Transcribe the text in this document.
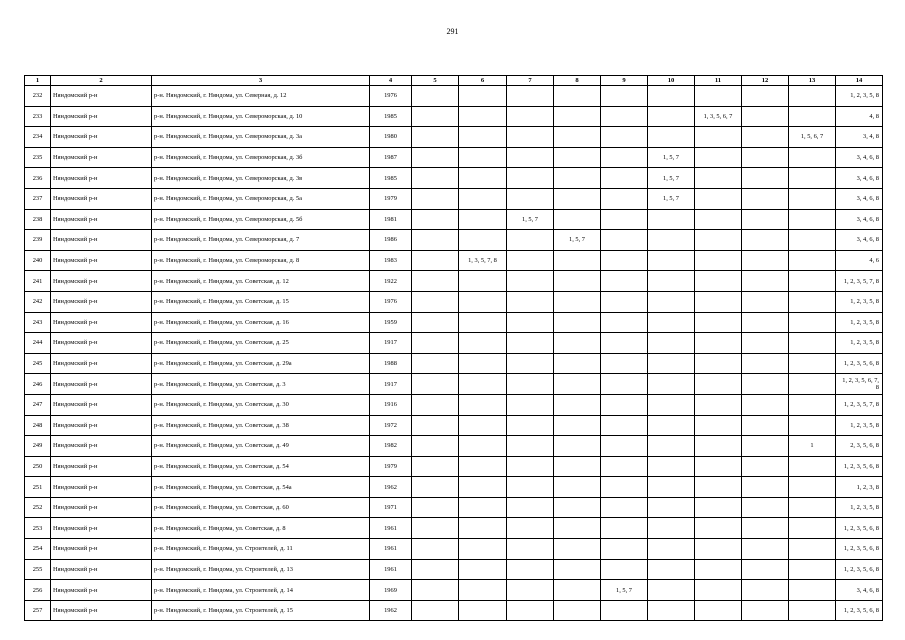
291
1	2	3	4	5	6	7	8	9	10	11	12	13	14
232	Няндомский р-н	р-н. Няндомский, г. Няндома, ул. Северная, д. 12	1976										1, 2, 3, 5, 8
233	Няндомский р-н	р-н. Няндомский, г. Няндома, ул. Североморская, д. 10	1985							1, 3, 5, 6, 7			4, 8
234	Няндомский р-н	р-н. Няндомский, г. Няндома, ул. Североморская, д. 3а	1980									1, 5, 6, 7	3, 4, 8
235	Няндомский р-н	р-н. Няндомский, г. Няндома, ул. Североморская, д. 3б	1987						1, 5, 7				3, 4, 6, 8
236	Няндомский р-н	р-н. Няндомский, г. Няндома, ул. Североморская, д. 3в	1985						1, 5, 7				3, 4, 6, 8
237	Няндомский р-н	р-н. Няндомский, г. Няндома, ул. Североморская, д. 5а	1979						1, 5, 7				3, 4, 6, 8
238	Няндомский р-н	р-н. Няндомский, г. Няндома, ул. Североморская, д. 5б	1981			1, 5, 7							3, 4, 6, 8
239	Няндомский р-н	р-н. Няндомский, г. Няндома, ул. Североморская, д. 7	1986				1, 5, 7						3, 4, 6, 8
240	Няндомский р-н	р-н. Няндомский, г. Няндома, ул. Североморская, д. 8	1983		1, 3, 5, 7, 8								4, 6
241	Няндомский р-н	р-н. Няндомский, г. Няндома, ул. Советская, д. 12	1922										1, 2, 3, 5, 7, 8
242	Няндомский р-н	р-н. Няндомский, г. Няндома, ул. Советская, д. 15	1976										1, 2, 3, 5, 8
243	Няндомский р-н	р-н. Няндомский, г. Няндома, ул. Советская, д. 16	1959										1, 2, 3, 5, 8
244	Няндомский р-н	р-н. Няндомский, г. Няндома, ул. Советская, д. 25	1917										1, 2, 3, 5, 8
245	Няндомский р-н	р-н. Няндомский, г. Няндома, ул. Советская, д. 29а	1988										1, 2, 3, 5, 6, 8
246	Няндомский р-н	р-н. Няндомский, г. Няндома, ул. Советская, д. 3	1917										1, 2, 3, 5, 6, 7, 8
247	Няндомский р-н	р-н. Няндомский, г. Няндома, ул. Советская, д. 30	1916										1, 2, 3, 5, 7, 8
248	Няндомский р-н	р-н. Няндомский, г. Няндома, ул. Советская, д. 38	1972										1, 2, 3, 5, 8
249	Няндомский р-н	р-н. Няндомский, г. Няндома, ул. Советская, д. 49	1982									1	2, 3, 5, 6, 8
250	Няндомский р-н	р-н. Няндомский, г. Няндома, ул. Советская, д. 54	1979										1, 2, 3, 5, 6, 8
251	Няндомский р-н	р-н. Няндомский, г. Няндома, ул. Советская, д. 54а	1962										1, 2, 3, 8
252	Няндомский р-н	р-н. Няндомский, г. Няндома, ул. Советская, д. 60	1971										1, 2, 3, 5, 8
253	Няндомский р-н	р-н. Няндомский, г. Няндома, ул. Советская, д. 8	1961										1, 2, 3, 5, 6, 8
254	Няндомский р-н	р-н. Няндомский, г. Няндома, ул. Строителей, д. 11	1961										1, 2, 3, 5, 6, 8
255	Няндомский р-н	р-н. Няндомский, г. Няндома, ул. Строителей, д. 13	1961										1, 2, 3, 5, 6, 8
256	Няндомский р-н	р-н. Няндомский, г. Няндома, ул. Строителей, д. 14	1969					1, 5, 7					3, 4, 6, 8
257	Няндомский р-н	р-н. Няндомский, г. Няндома, ул. Строителей, д. 15	1962										1, 2, 3, 5, 6, 8
